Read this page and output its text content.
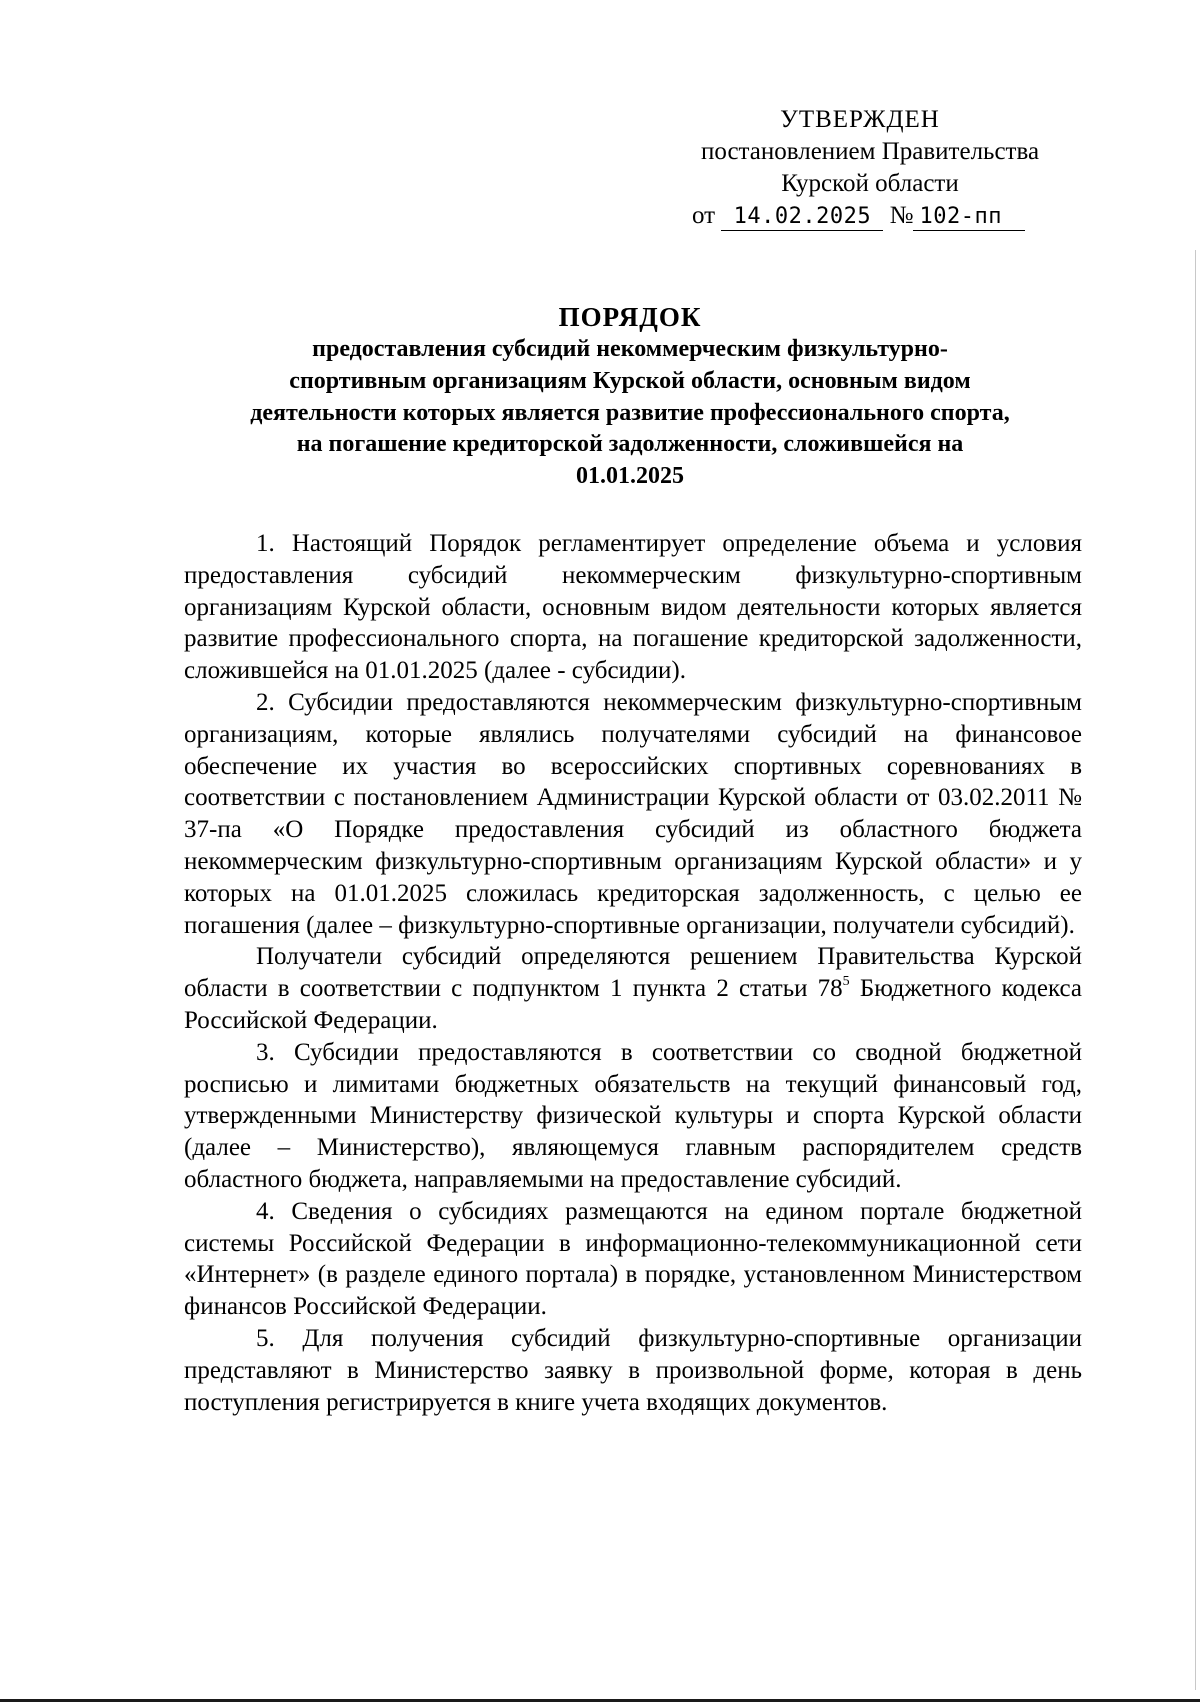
УТВЕРЖДЕН
постановлением Правительства
Курской области
от 14.02.2025 № 102-пп
ПОРЯДОК
предоставления субсидий некоммерческим физкультурно-
спортивным организациям Курской области, основным видом
деятельности которых является развитие профессионального спорта,
на погашение кредиторской задолженности, сложившейся на
01.01.2025

1. Настоящий Порядок регламентирует определение объема и условия предоставления субсидий некоммерческим физкультурно-спортивным организациям Курской области, основным видом деятельности которых является развитие профессионального спорта, на погашение кредиторской задолженности, сложившейся на 01.01.2025 (далее - субсидии).

2. Субсидии предоставляются некоммерческим физкультурно-спортивным организациям, которые являлись получателями субсидий на финансовое обеспечение их участия во всероссийских спортивных соревнованиях в соответствии с постановлением Администрации Курской области от 03.02.2011 № 37-па «О Порядке предоставления субсидий из областного бюджета некоммерческим физкультурно-спортивным организациям Курской области» и у которых на 01.01.2025 сложилась кредиторская задолженность, с целью ее погашения (далее – физкультурно-спортивные организации, получатели субсидий).

Получатели субсидий определяются решением Правительства Курской области в соответствии с подпунктом 1 пункта 2 статьи $78^5$ Бюджетного кодекса Российской Федерации.

3. Субсидии предоставляются в соответствии со сводной бюджетной росписью и лимитами бюджетных обязательств на текущий финансовый год, утвержденными Министерству физической культуры и спорта Курской области (далее – Министерство), являющемуся главным распорядителем средств областного бюджета, направляемыми на предоставление субсидий.

4. Сведения о субсидиях размещаются на едином портале бюджетной системы Российской Федерации в информационно-телекоммуникационной сети «Интернет» (в разделе единого портала) в порядке, установленном Министерством финансов Российской Федерации.

5. Для получения субсидий физкультурно-спортивные организации представляют в Министерство заявку в произвольной форме, которая в день поступления регистрируется в книге учета входящих документов.
